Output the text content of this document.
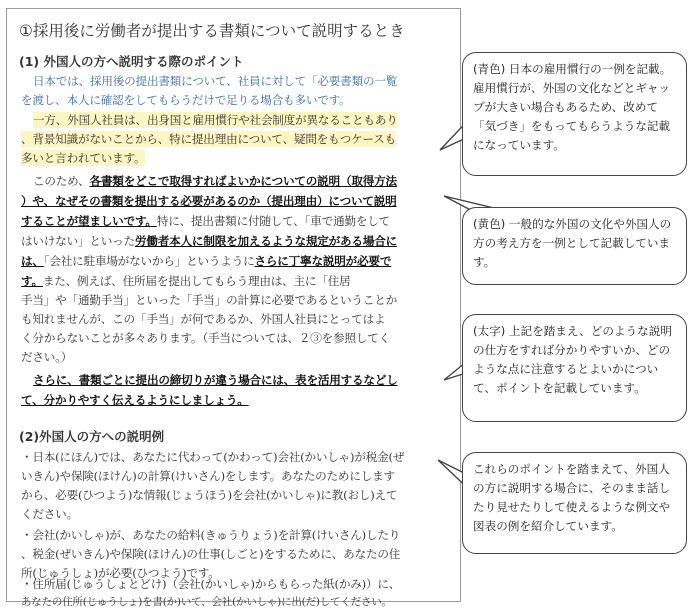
①採用後に労働者が提出する書類について説明するとき
(1) 外国人の方へ説明する際のポイント
日本では、採用後の提出書類について、社員に対して「必要書類の一覧
を渡し、本人に確認をしてもらうだけで足りる場合も多いです。
一方、外国人社員は、出身国と雇用慣行や社会制度が異なることもあり
、背景知識がないことから、特に提出理由について、疑問をもつケースも
多いと言われています。
このため、各書類をどこで取得すればよいかについての説明（取得方法
）や、なぜその書類を提出する必要があるのか（提出理由）について説明
することが望ましいです。特に、提出書類に付随して、「車で通勤をして
はいけない」といった労働者本人に制限を加えるような規定がある場合に
は、「会社に駐車場がないから」というようにさらに丁寧な説明が必要で
す。また、例えば、住所届を提出してもらう理由は、主に「住居
手当」や「通勤手当」といった「手当」の計算に必要であるということか
も知れませんが、この「手当」が何であるか、外国人社員にとってはよ
く分からないことが多々あります。（手当については、２③を参照してく
ださい。）
さらに、書類ごとに提出の締切りが違う場合には、表を活用するなどし
て、分かりやすく伝えるようにしましょう。
(2)外国人の方への説明例
・日本(にほん)では、あなたに代わって(かわって)会社(かいしゃ)が税金(ぜ
いきん)や保険(ほけん)の計算(けいさん)をします。あなたのためにします
から、必要(ひつよう)な情報(じょうほう)を会社(かいしゃ)に教(おし)えて
ください。
・会社(かいしゃ)が、あなたの給料(きゅうりょう)を計算(けいさん)したり
、税金(ぜいきん)や保険(ほけん)の仕事(しごと)をするために、あなたの住
所(じゅうしょ)が必要(ひつよう)です。
・住所届(じゅうしょとどけ)（会社(かいしゃ)からもらった紙(かみ)）に、
あなたの住所(じゅうしょ)を書(か)いて、会社(かいしゃ)に出(だ)してください。
(青色) 日本の雇用慣行の一例を記載。雇用慣行が、外国の文化などとギャップが大きい場合もあるため、改めて「気づき」をもってもらうような記載になっています。
(黄色) 一般的な外国の文化や外国人の方の考え方を一例として記載しています。
(太字) 上記を踏まえ、どのような説明の仕方をすれば分かりやすいか、どのような点に注意するとよいかについて、ポイントを記載しています。
これらのポイントを踏まえて、外国人の方に説明する場合に、そのまま話したり見せたりして使えるような例文や図表の例を紹介しています。
